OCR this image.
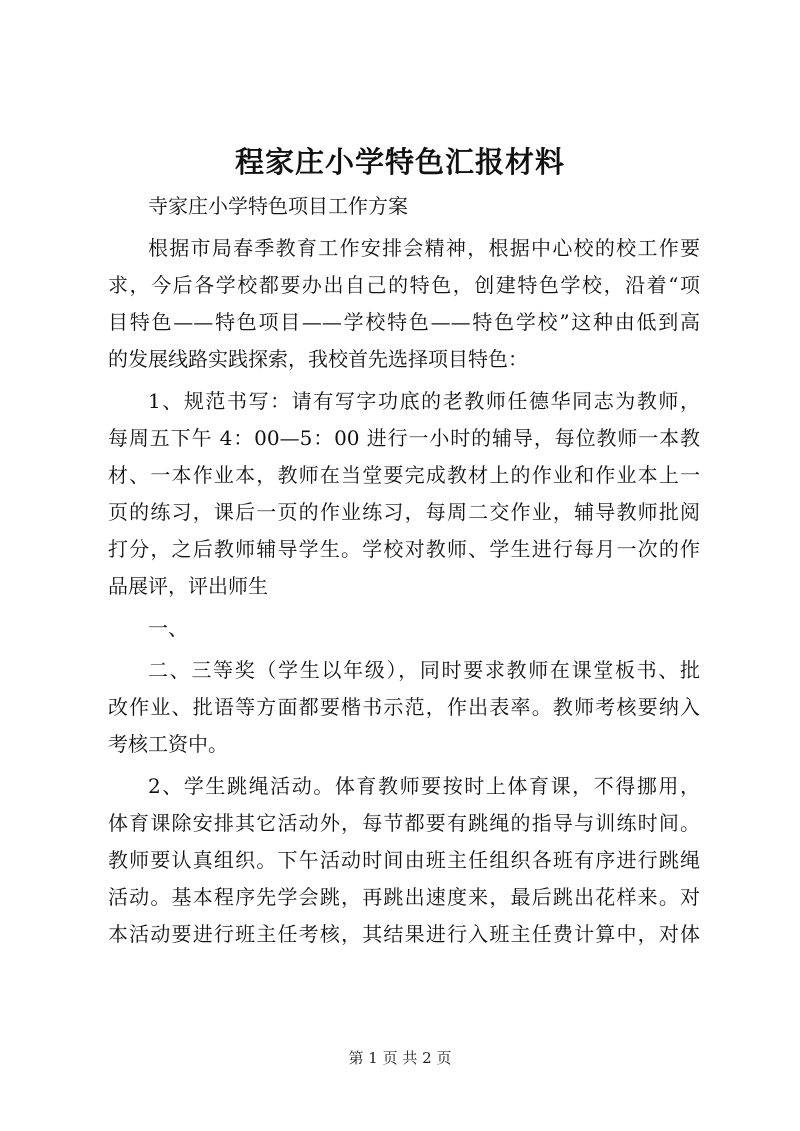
程家庄小学特色汇报材料
寺家庄小学特色项目工作方案
根据市局春季教育工作安排会精神，根据中心校的校工作要
求，今后各学校都要办出自己的特色，创建特色学校，沿着“项
目特色——特色项目——学校特色——特色学校”这种由低到高
的发展线路实践探索，我校首先选择项目特色：
1、规范书写：请有写字功底的老教师任德华同志为教师，
每周五下午 4：00—5：00 进行一小时的辅导，每位教师一本教
材、一本作业本，教师在当堂要完成教材上的作业和作业本上一
页的练习，课后一页的作业练习，每周二交作业，辅导教师批阅
打分，之后教师辅导学生。学校对教师、学生进行每月一次的作
品展评，评出师生
一、
二、三等奖（学生以年级），同时要求教师在课堂板书、批
改作业、批语等方面都要楷书示范，作出表率。教师考核要纳入
考核工资中。
2、学生跳绳活动。体育教师要按时上体育课，不得挪用，
体育课除安排其它活动外，每节都要有跳绳的指导与训练时间。
教师要认真组织。下午活动时间由班主任组织各班有序进行跳绳
活动。基本程序先学会跳，再跳出速度来，最后跳出花样来。对
本活动要进行班主任考核，其结果进行入班主任费计算中，对体
第 1 页 共 2 页
